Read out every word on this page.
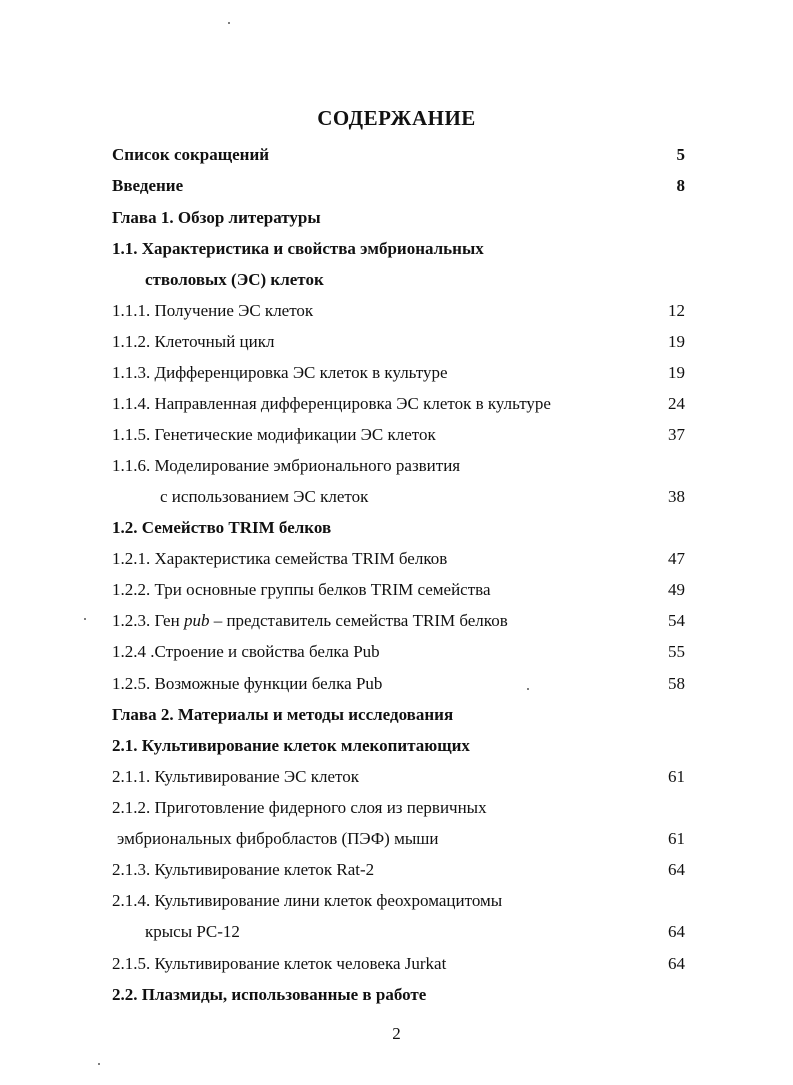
СОДЕРЖАНИЕ
Список сокращений	5
Введение	8
Глава 1. Обзор литературы
1.1. Характеристика и свойства эмбриональных
стволовых (ЭС) клеток
1.1.1. Получение ЭС клеток	12
1.1.2. Клеточный цикл	19
1.1.3. Дифференцировка ЭС клеток в культуре	19
1.1.4. Направленная дифференцировка ЭС клеток в культуре	24
1.1.5. Генетические модификации ЭС клеток	37
1.1.6. Моделирование эмбрионального развития
с использованием ЭС клеток	38
1.2. Семейство TRIM белков
1.2.1. Характеристика семейства TRIM белков	47
1.2.2. Три основные группы белков TRIM семейства	49
1.2.3. Ген pub – представитель семейства TRIM белков	54
1.2.4 .Строение и свойства белка Pub	55
1.2.5. Возможные функции белка Pub	58
Глава 2. Материалы и методы исследования
2.1. Культивирование клеток млекопитающих
2.1.1. Культивирование ЭС клеток	61
2.1.2. Приготовление фидерного слоя из первичных
эмбриональных фибробластов (ПЭФ) мыши	61
2.1.3. Культивирование клеток Rat-2	64
2.1.4. Культивирование лини клеток феохромацитомы
крысы PC-12	64
2.1.5. Культивирование клеток человека Jurkat	64
2.2. Плазмиды, использованные в работе
2
